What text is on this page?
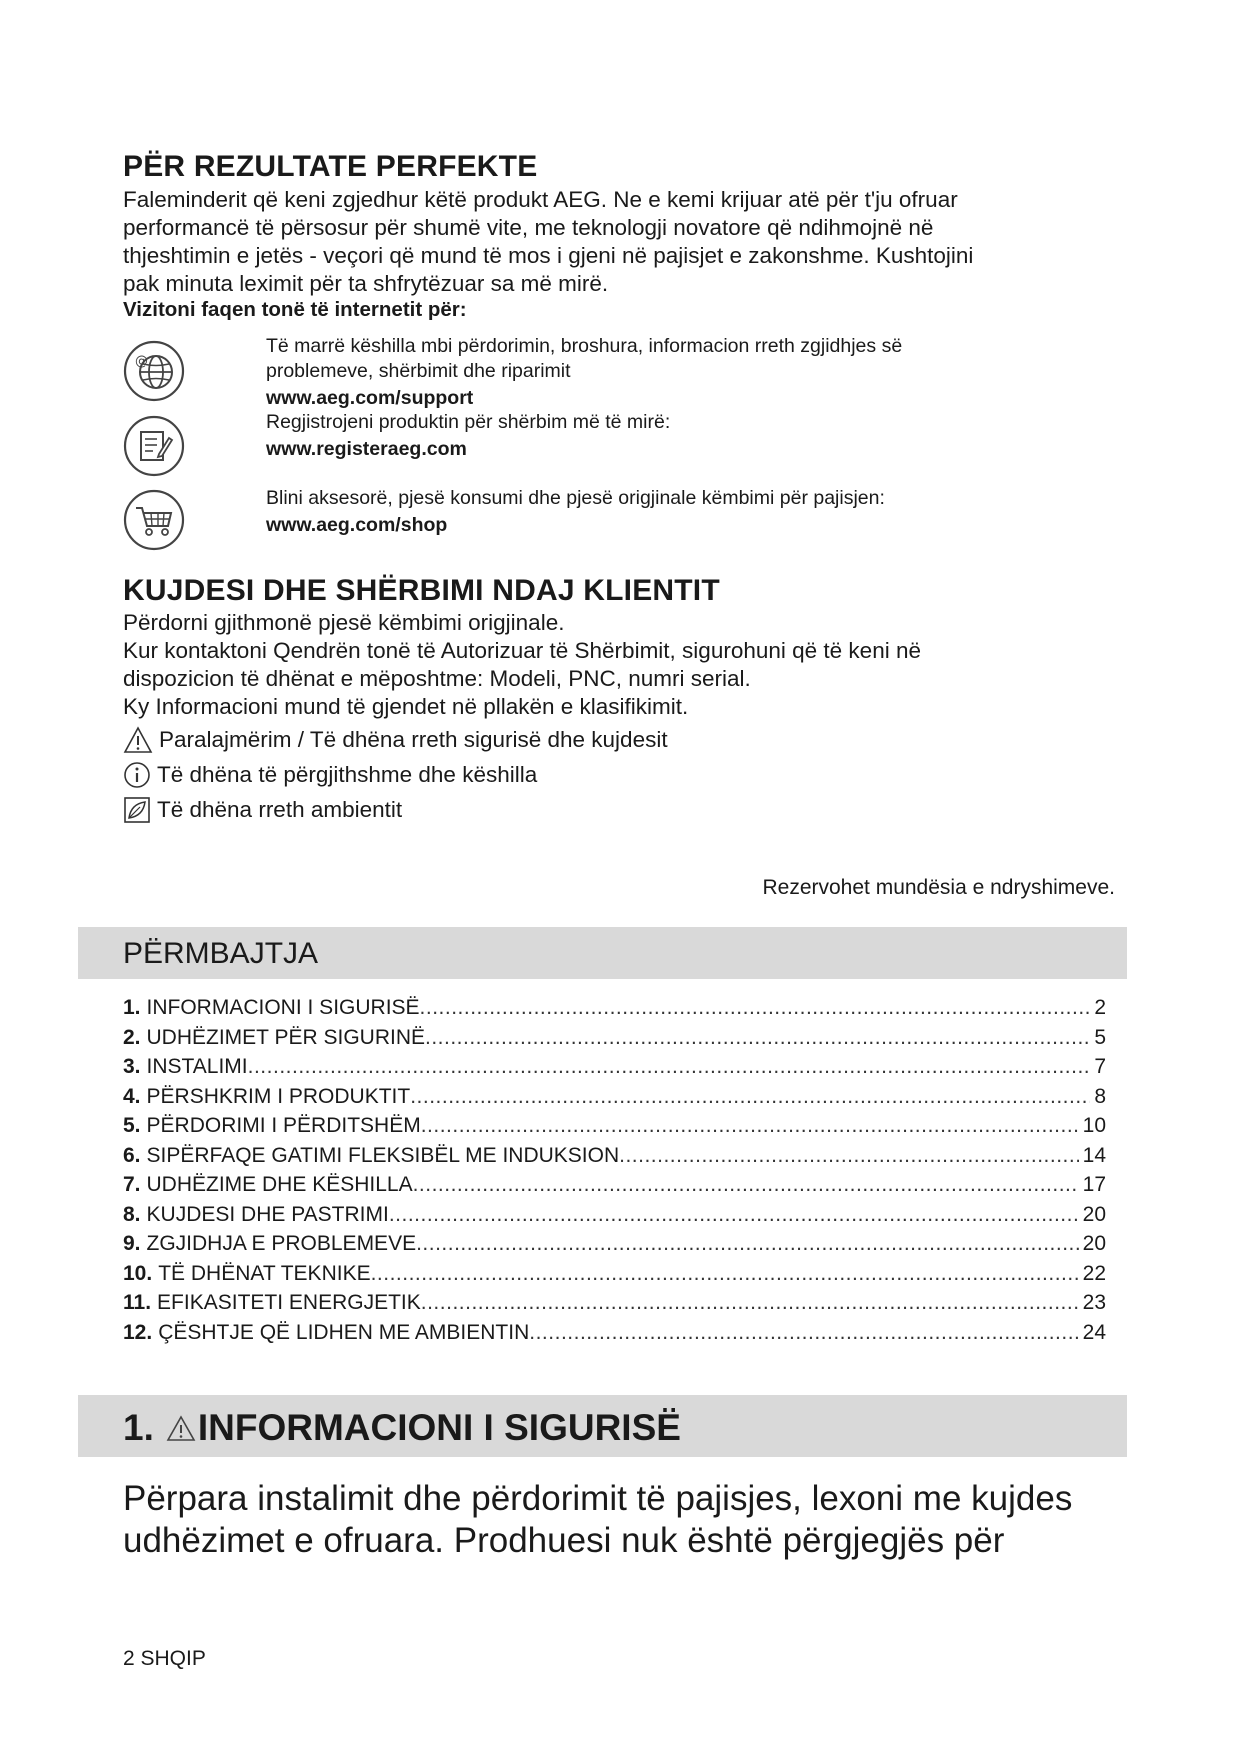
PËR REZULTATE PERFEKTE
Faleminderit që keni zgjedhur këtë produkt AEG. Ne e kemi krijuar atë për t'ju ofruar
performancë të përsosur për shumë vite, me teknologji novatore që ndihmojnë në
thjeshtimin e jetës - veçori që mund të mos i gjeni në pajisjet e zakonshme. Kushtojini
pak minuta leximit për ta shfrytëzuar sa më mirë.
Vizitoni faqen tonë të internetit për:
@
Të marrë këshilla mbi përdorimin, broshura, informacion rreth zgjidhjes së
problemeve, shërbimit dhe riparimit
www.aeg.com/support
Regjistrojeni produktin për shërbim më të mirë:
www.registeraeg.com
Blini aksesorë, pjesë konsumi dhe pjesë origjinale këmbimi për pajisjen:
www.aeg.com/shop
KUJDESI DHE SHËRBIMI NDAJ KLIENTIT
Përdorni gjithmonë pjesë këmbimi origjinale.
Kur kontaktoni Qendrën tonë të Autorizuar të Shërbimit, sigurohuni që të keni në
dispozicion të dhënat e mëposhtme: Modeli, PNC, numri serial.
Ky Informacioni mund të gjendet në pllakën e klasifikimit.
Paralajmërim / Të dhëna rreth sigurisë dhe kujdesit
Të dhëna të përgjithshme dhe këshilla
Të dhëna rreth ambientit
Rezervohet mundësia e ndryshimeve.
PËRMBAJTJA
1. INFORMACIONI I SIGURISË .....	2
2. UDHËZIMET PËR SIGURINË .....	5
3. INSTALIMI .....	7
4. PËRSHKRIM I PRODUKTIT .....	8
5. PËRDORIMI I PËRDITSHËM .....	10
6. SIPËRFAQE GATIMI FLEKSIBËL ME INDUKSION .....	14
7. UDHËZIME DHE KËSHILLA .....	17
8. KUJDESI DHE PASTRIMI .....	20
9. ZGJIDHJA E PROBLEMEVE .....	20
10. TË DHËNAT TEKNIKE .....	22
11. EFIKASITETI ENERGJETIK .....	23
12. ÇËSHTJE QË LIDHEN ME AMBIENTIN .....	24
1. INFORMACIONI I SIGURISË
Përpara instalimit dhe përdorimit të pajisjes, lexoni me kujdes
udhëzimet e ofruara. Prodhuesi nuk është përgjegjës për
2 SHQIP
